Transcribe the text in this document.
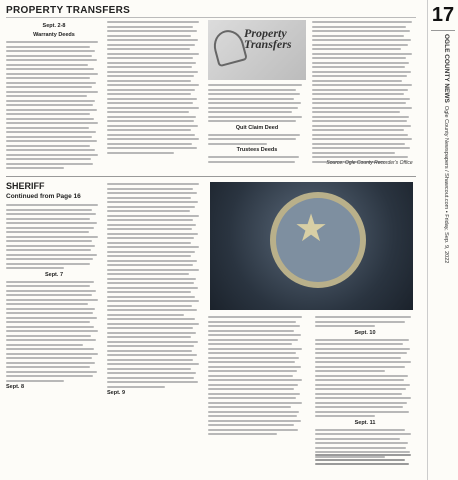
PROPERTY TRANSFERS
Sept. 2-8
Warranty Deeds	Property Transfers
Quit Claim Deed
Trustees Deeds
Source: Ogle County Recorder's Office
SHERIFF
Continued from Page 16
Sept. 7
Sept. 8
Sept. 9
★
Sept. 10
Sept. 11
17
OGLE COUNTY NEWS  Ogle County Newspapers / Shawcout.com • Friday, Sep. 9, 2022
